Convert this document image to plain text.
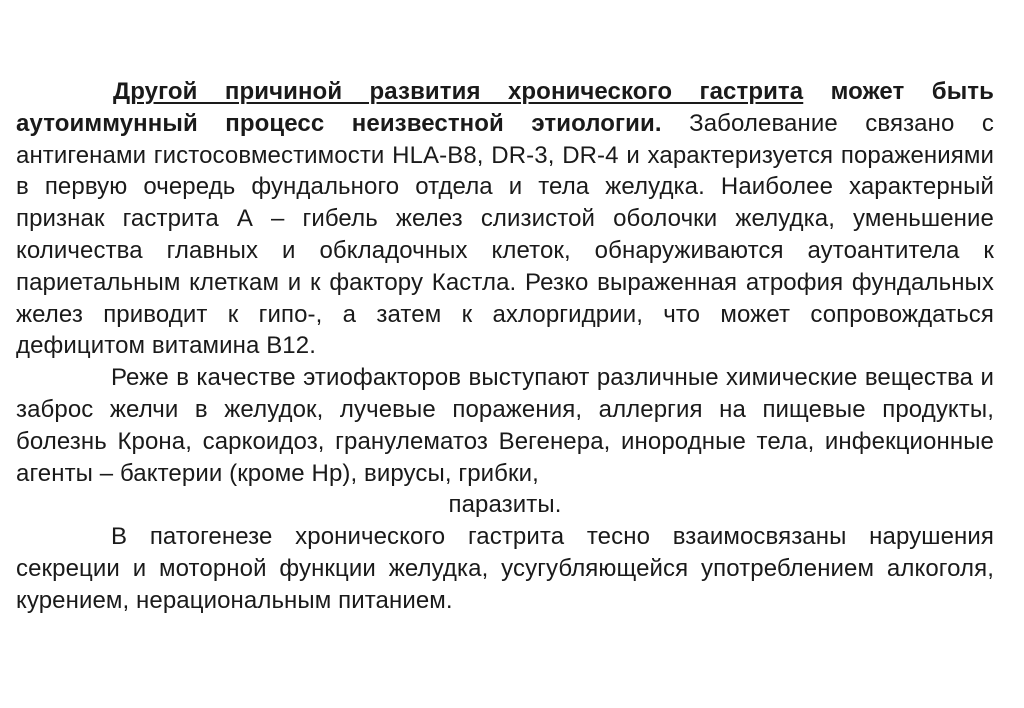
Другой причиной развития хронического гастрита может быть аутоиммунный процесс неизвестной этиологии. Заболевание связано с антигенами гистосовместимости HLA-B8, DR-3, DR-4 и характеризуется поражениями в первую очередь фундального отдела и тела желудка. Наиболее характерный признак гастрита А – гибель желез слизистой оболочки желудка, уменьшение количества главных и обкладочных клеток, обнаруживаются аутоантитела к париетальным клеткам и к фактору Кастла. Резко выраженная атрофия фундальных желез приводит к гипо-, а затем к ахлоргидрии, что может сопровождаться дефицитом витамина В12.

Реже в качестве этиофакторов выступают различные химические вещества и заброс желчи в желудок, лучевые поражения, аллергия на пищевые продукты, болезнь Крона, саркоидоз, гранулематоз Вегенера, инородные тела, инфекционные агенты – бактерии (кроме Нр), вирусы, грибки,
паразиты.

В патогенезе хронического гастрита тесно взаимосвязаны нарушения секреции и моторной функции желудка, усугубляющейся употреблением алкоголя, курением, нерациональным питанием.
